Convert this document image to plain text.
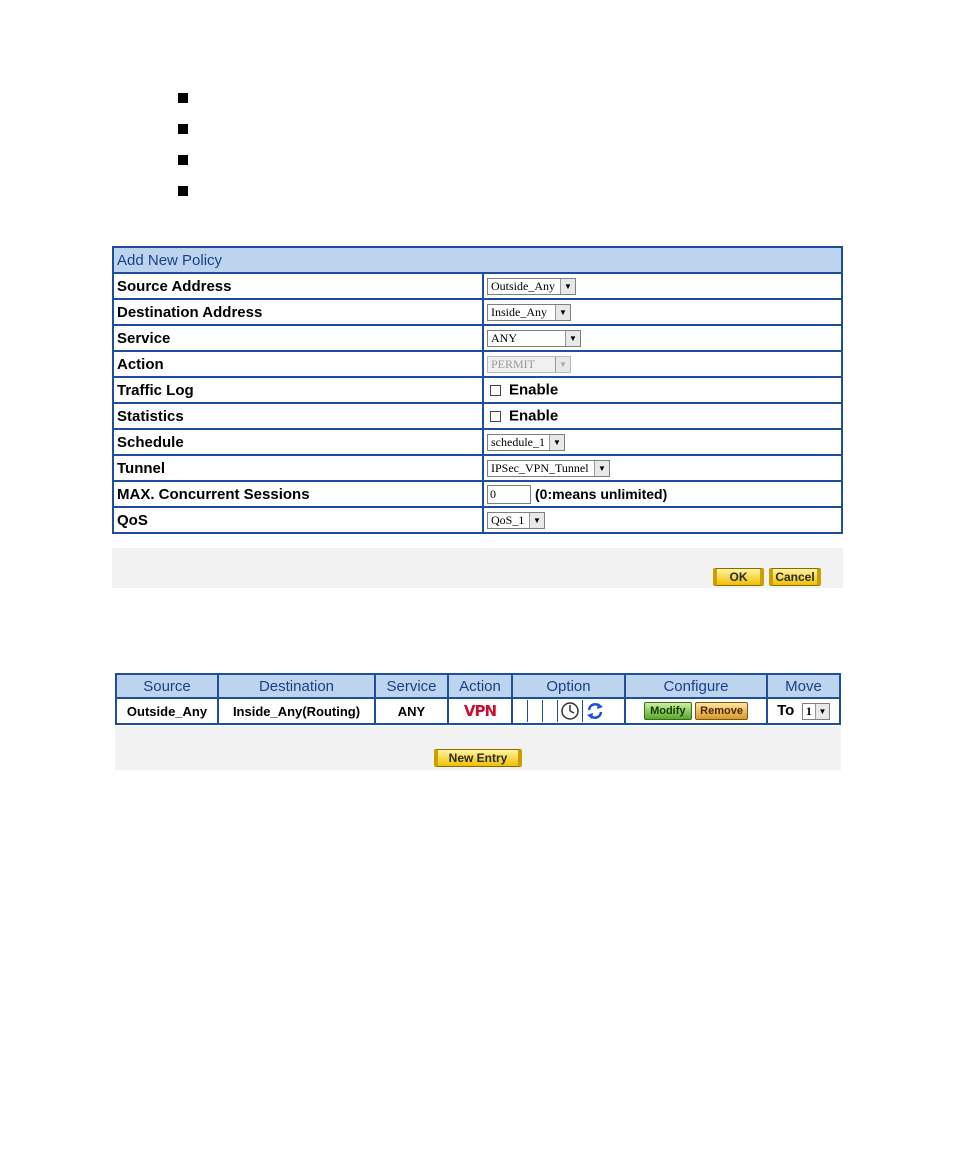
Add New Policy	
Source Address	Outside_Any ▼

Destination Address	Inside_Any ▼

Service	ANY ▼

Action	PERMIT ▼

Traffic Log	Enable
Statistics	Enable
Schedule	schedule_1 ▼

Tunnel	IPSec_VPN_Tunnel ▼

MAX. Concurrent Sessions	0 (0:means unlimited)
QoS	QoS_1 ▼
OK	Cancel
Source	Destination	Service	Action	Option	Configure	Move
Outside_Any	Inside_Any(Routing)	ANY	VPN		Modify Remove	To 1 ▼
New Entry
